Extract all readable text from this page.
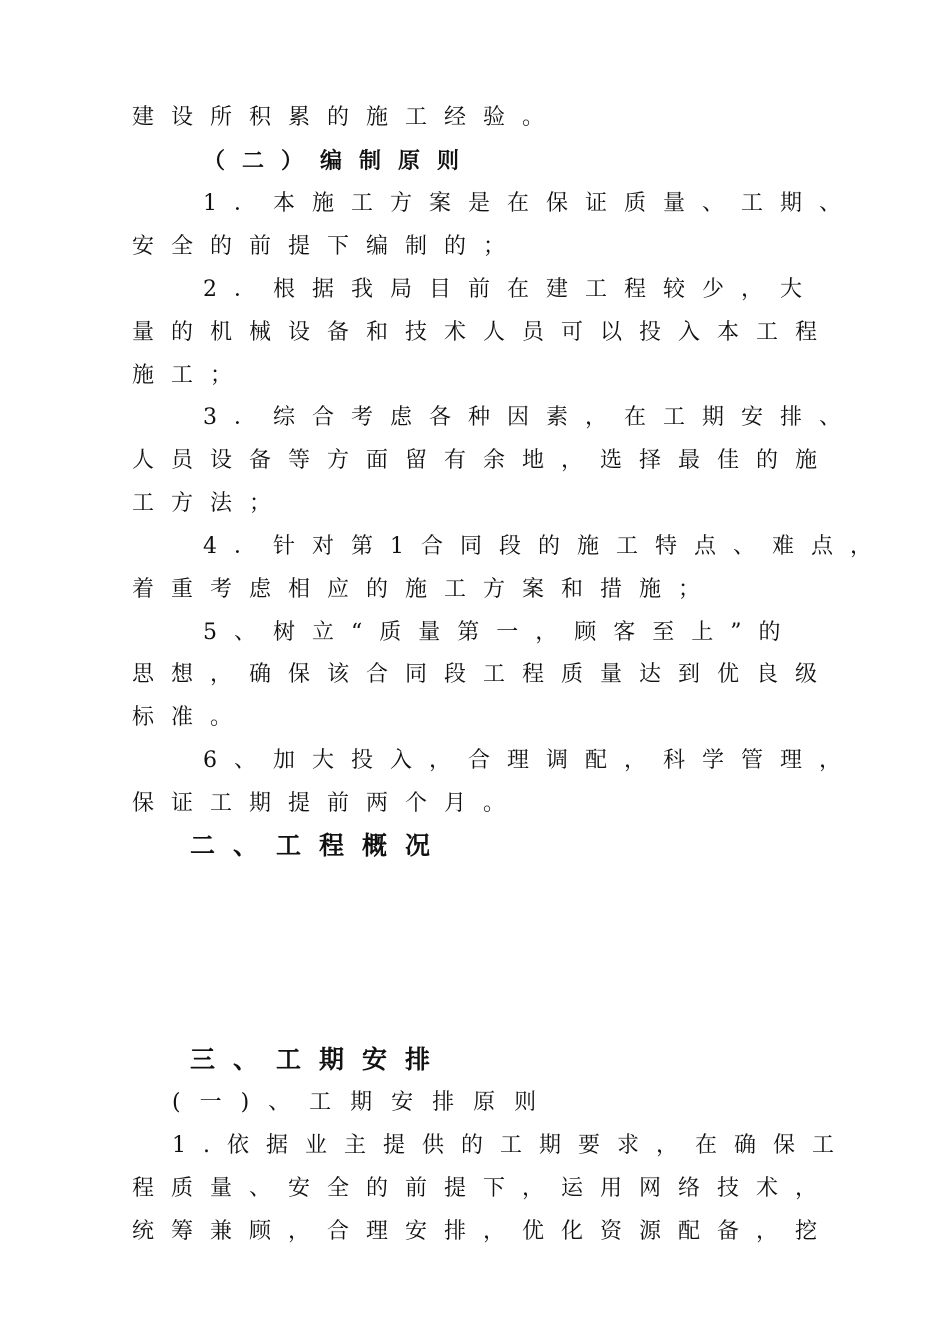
建设所积累的施工经验。

（二）编制原则

1．本施工方案是在保证质量、工期、

安全的前提下编制的；

2．根据我局目前在建工程较少，大

量的机械设备和技术人员可以投入本工程

施工；

3．综合考虑各种因素，在工期安排、

人员设备等方面留有余地，选择最佳的施

工方法；

4．针对第1合同段的施工特点、难点，

着重考虑相应的施工方案和措施；

5、树立“质量第一，顾客至上”的

思想，确保该合同段工程质量达到优良级

标准。

6、加大投入，合理调配，科学管理，

保证工期提前两个月。

二、工程概况

三、工期安排

(一)、工期安排原则

1.依据业主提供的工期要求，在确保工

程质量、安全的前提下，运用网络技术，

统筹兼顾，合理安排，优化资源配备，挖
